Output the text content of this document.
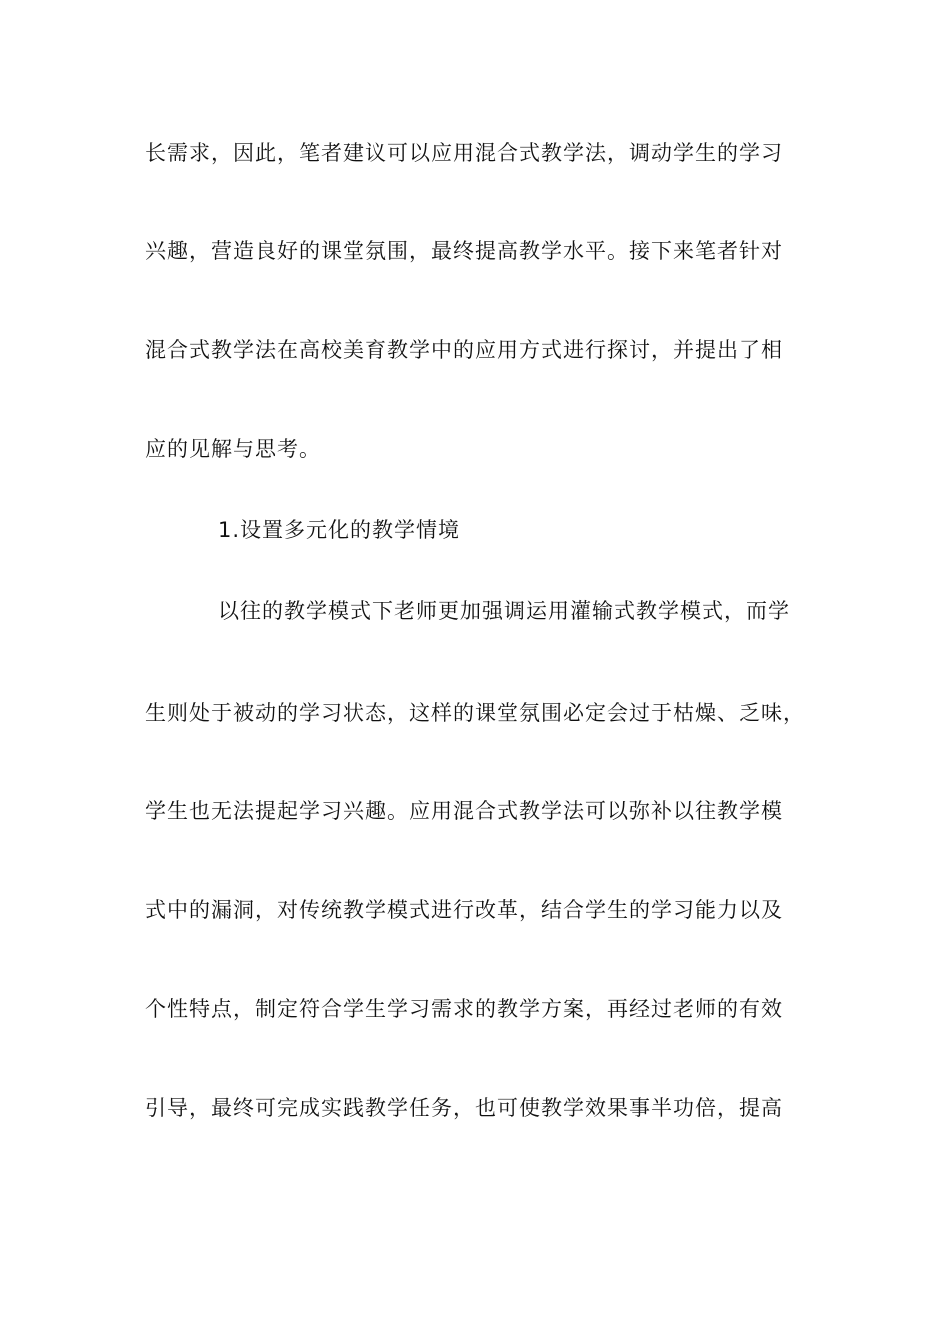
长需求，因此，笔者建议可以应用混合式教学法，调动学生的学习
兴趣，营造良好的课堂氛围，最终提高教学水平。接下来笔者针对
混合式教学法在高校美育教学中的应用方式进行探讨，并提出了相
应的见解与思考。
1.设置多元化的教学情境
以往的教学模式下老师更加强调运用灌输式教学模式，而学
生则处于被动的学习状态，这样的课堂氛围必定会过于枯燥、乏味，
学生也无法提起学习兴趣。应用混合式教学法可以弥补以往教学模
式中的漏洞，对传统教学模式进行改革，结合学生的学习能力以及
个性特点，制定符合学生学习需求的教学方案，再经过老师的有效
引导，最终可完成实践教学任务，也可使教学效果事半功倍，提高
